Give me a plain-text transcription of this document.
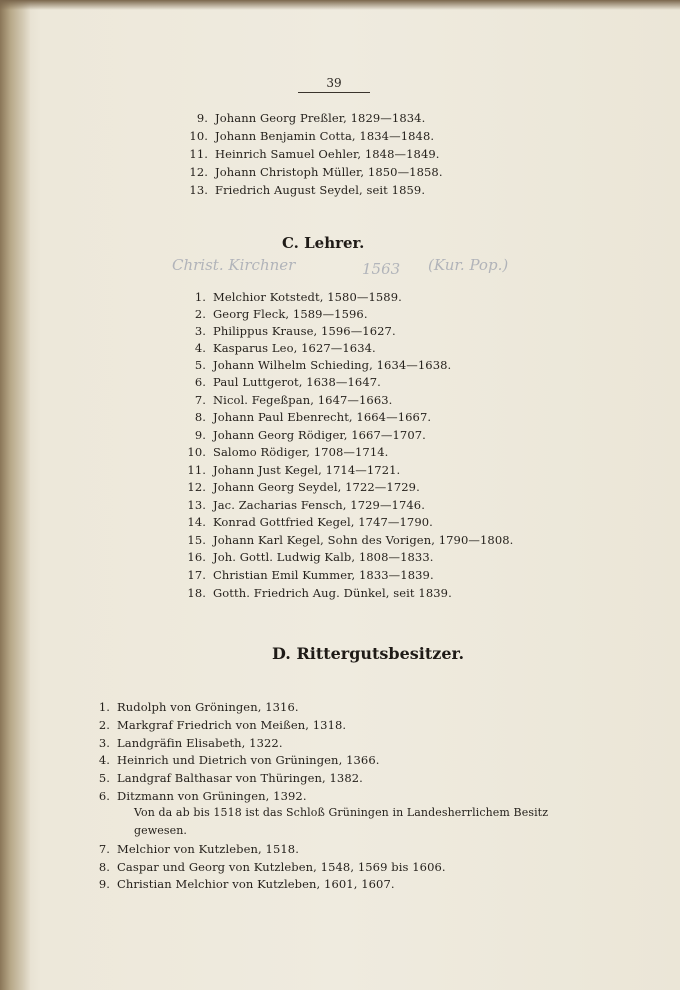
39
9. Johann Georg Preßler, 1829—1834.
10. Johann Benjamin Cotta, 1834—1848.
11. Heinrich Samuel Oehler, 1848—1849.
12. Johann Christoph Müller, 1850—1858.
13. Friedrich August Seydel, seit 1859.
C. Lehrer.
Christ. Kirchner	1563 (Kur. Pop.)
1. Melchior Kotstedt, 1580—1589.
2. Georg Fleck, 1589—1596.
3. Philippus Krause, 1596—1627.
4. Kasparus Leo, 1627—1634.
5. Johann Wilhelm Schieding, 1634—1638.
6. Paul Luttgerot, 1638—1647.
7. Nicol. Fegeßpan, 1647—1663.
8. Johann Paul Ebenrecht, 1664—1667.
9. Johann Georg Rödiger, 1667—1707.
10. Salomo Rödiger, 1708—1714.
11. Johann Just Kegel, 1714—1721.
12. Johann Georg Seydel, 1722—1729.
13. Jac. Zacharias Fensch, 1729—1746.
14. Konrad Gottfried Kegel, 1747—1790.
15. Johann Karl Kegel, Sohn des Vorigen, 1790—1808.
16. Joh. Gottl. Ludwig Kalb, 1808—1833.
17. Christian Emil Kummer, 1833—1839.
18. Gotth. Friedrich Aug. Dünkel, seit 1839.
D. Rittergutsbesitzer.
1. Rudolph von Gröningen, 1316.
2. Markgraf Friedrich von Meißen, 1318.
3. Landgräfin Elisabeth, 1322.
4. Heinrich und Dietrich von Grüningen, 1366.
5. Landgraf Balthasar von Thüringen, 1382.
6. Ditzmann von Grüningen, 1392.
Von da ab bis 1518 ist das Schloß Grüningen in Landesherrlichem Besitz
gewesen.
7. Melchior von Kutzleben, 1518.
8. Caspar und Georg von Kutzleben, 1548, 1569 bis 1606.
9. Christian Melchior von Kutzleben, 1601, 1607.
